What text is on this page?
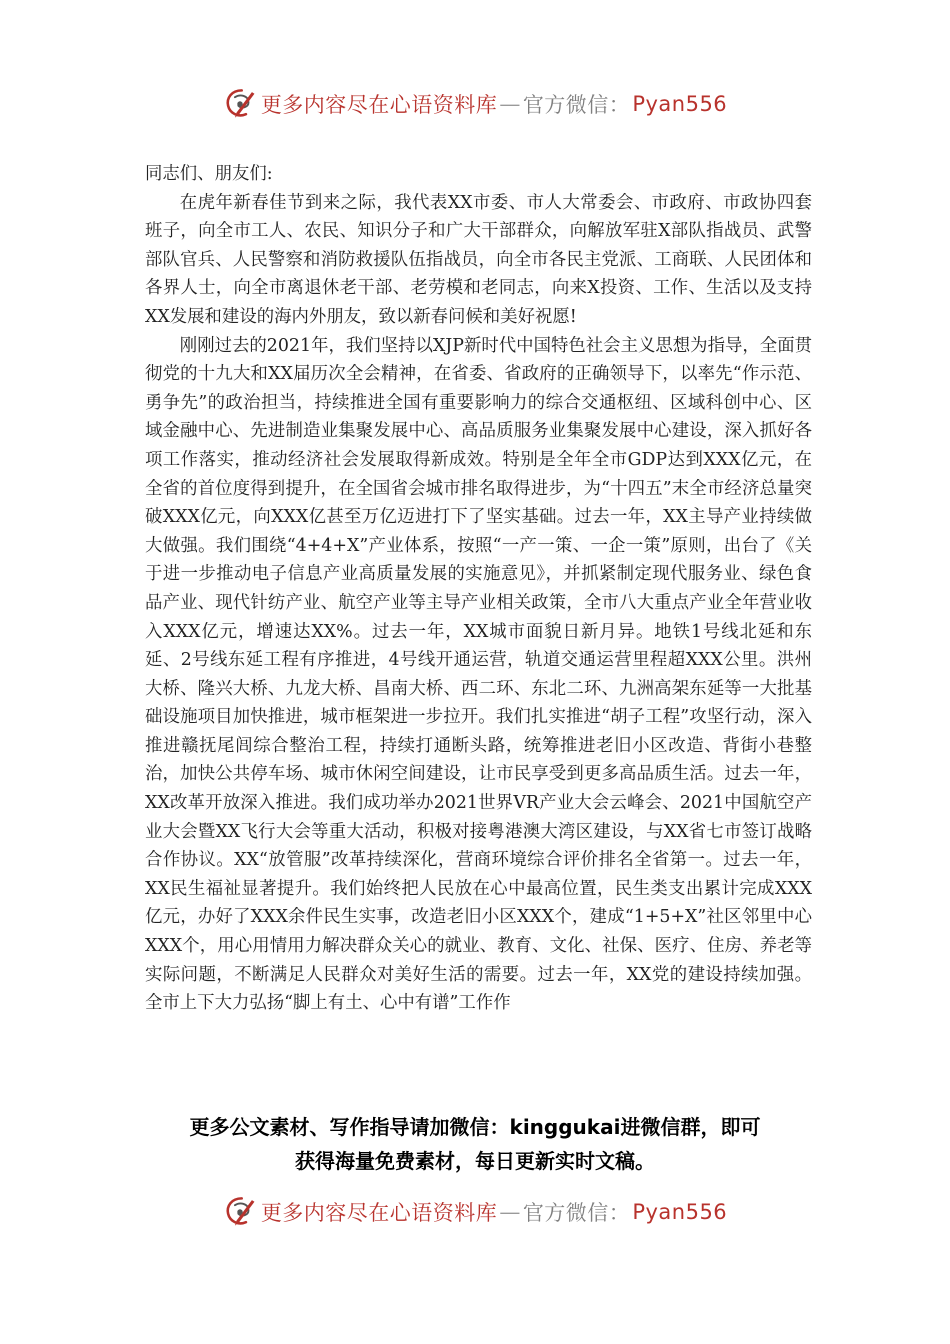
更多内容尽在心语资料库 — 官方微信： Pyan556

同志们、朋友们:

在虎年新春佳节到来之际，我代表XX市委、市人大常委会、市政府、市政协四套班子，向全市工人、农民、知识分子和广大干部群众，向解放军驻X部队指战员、武警部队官兵、人民警察和消防救援队伍指战员，向全市各民主党派、工商联、人民团体和各界人士，向全市离退休老干部、老劳模和老同志，向来X投资、工作、生活以及支持XX发展和建设的海内外朋友，致以新春问候和美好祝愿!

刚刚过去的2021年，我们坚持以XJP新时代中国特色社会主义思想为指导，全面贯彻党的十九大和XX届历次全会精神，在省委、省政府的正确领导下，以率先“作示范、勇争先”的政治担当，持续推进全国有重要影响力的综合交通枢纽、区域科创中心、区域金融中心、先进制造业集聚发展中心、高品质服务业集聚发展中心建设，深入抓好各项工作落实，推动经济社会发展取得新成效。特别是全年全市GDP达到XXX亿元，在全省的首位度得到提升，在全国省会城市排名取得进步，为“十四五”末全市经济总量突破XXX亿元，向XXX亿甚至万亿迈进打下了坚实基础。过去一年，XX主导产业持续做大做强。我们围绕“4+4+X”产业体系，按照“一产一策、一企一策”原则，出台了《关于进一步推动电子信息产业高质量发展的实施意见》，并抓紧制定现代服务业、绿色食品产业、现代针纺产业、航空产业等主导产业相关政策，全市八大重点产业全年营业收入XXX亿元，增速达XX%。过去一年，XX城市面貌日新月异。地铁1号线北延和东延、2号线东延工程有序推进，4号线开通运营，轨道交通运营里程超XXX公里。洪州大桥、隆兴大桥、九龙大桥、昌南大桥、西二环、东北二环、九洲高架东延等一大批基础设施项目加快推进，城市框架进一步拉开。我们扎实推进“胡子工程”攻坚行动，深入推进赣抚尾闾综合整治工程，持续打通断头路，统筹推进老旧小区改造、背街小巷整治，加快公共停车场、城市休闲空间建设，让市民享受到更多高品质生活。过去一年，XX改革开放深入推进。我们成功举办2021世界VR产业大会云峰会、2021中国航空产业大会暨XX飞行大会等重大活动，积极对接粤港澳大湾区建设，与XX省七市签订战略合作协议。XX“放管服”改革持续深化，营商环境综合评价排名全省第一。过去一年，XX民生福祉显著提升。我们始终把人民放在心中最高位置，民生类支出累计完成XXX亿元，办好了XXX余件民生实事，改造老旧小区XXX个，建成“1+5+X”社区邻里中心XXX个，用心用情用力解决群众关心的就业、教育、文化、社保、医疗、住房、养老等实际问题，不断满足人民群众对美好生活的需要。过去一年，XX党的建设持续加强。全市上下大力弘扬“脚上有土、心中有谱”工作作

更多公文素材、写作指导请加微信：kinggukai进微信群，即可
获得海量免费素材，每日更新实时文稿。
更多内容尽在心语资料库 — 官方微信： Pyan556
